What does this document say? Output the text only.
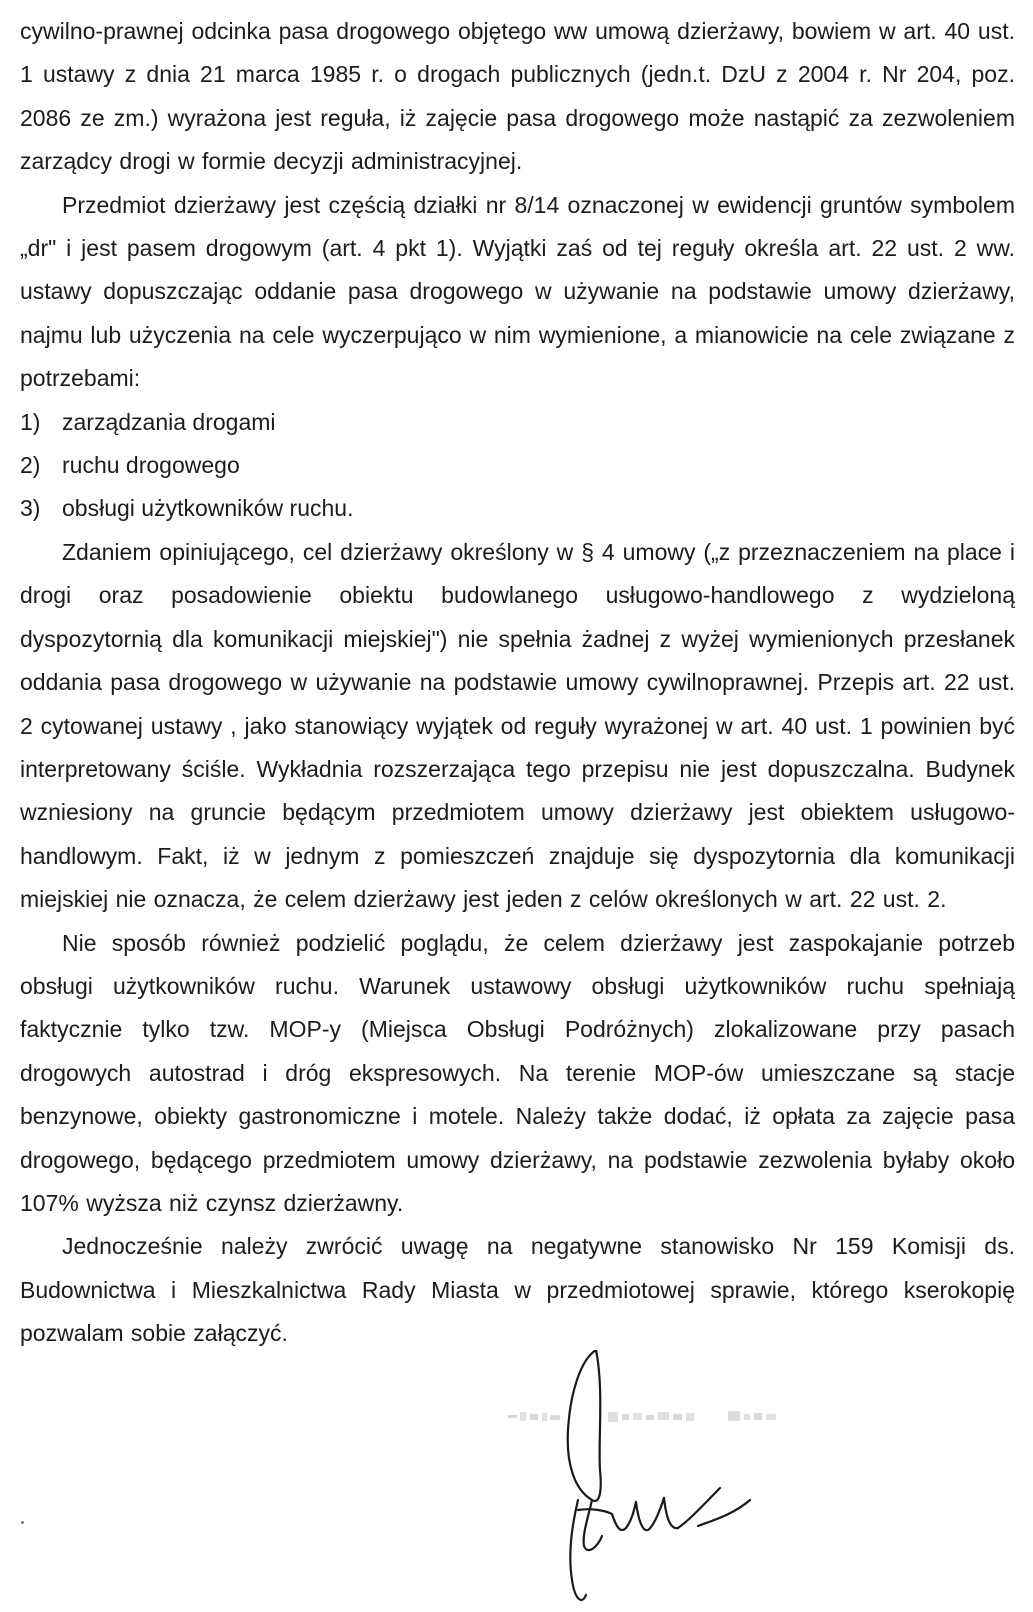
cywilno-prawnej odcinka pasa drogowego objętego ww umową dzierżawy, bowiem w art. 40 ust. 1 ustawy z dnia 21 marca 1985 r. o drogach publicznych (jedn.t. DzU z 2004 r. Nr 204, poz. 2086 ze zm.) wyrażona jest reguła, iż zajęcie pasa drogowego może nastąpić za zezwoleniem zarządcy drogi w formie decyzji administracyjnej.

Przedmiot dzierżawy jest częścią działki nr 8/14 oznaczonej w ewidencji gruntów symbolem „dr" i jest pasem drogowym (art. 4 pkt 1). Wyjątki zaś od tej reguły określa art. 22 ust. 2 ww. ustawy dopuszczając oddanie pasa drogowego w używanie na podstawie umowy dzierżawy, najmu lub użyczenia na cele wyczerpująco w nim wymienione, a mianowicie na cele związane z potrzebami:

1) zarządzania drogami
2) ruchu drogowego
3) obsługi użytkowników ruchu.

Zdaniem opiniującego, cel dzierżawy określony w § 4 umowy („z przeznaczeniem na place i drogi oraz posadowienie obiektu budowlanego usługowo-handlowego z wydzieloną dyspozytornią dla komunikacji miejskiej") nie spełnia żadnej z wyżej wymienionych przesłanek oddania pasa drogowego w używanie na podstawie umowy cywilnoprawnej. Przepis art. 22 ust. 2 cytowanej ustawy , jako stanowiący wyjątek od reguły wyrażonej w art. 40 ust. 1 powinien być interpretowany ściśle. Wykładnia rozszerzająca tego przepisu nie jest dopuszczalna. Budynek wzniesiony na gruncie będącym przedmiotem umowy dzierżawy jest obiektem usługowo-handlowym. Fakt, iż w jednym z pomieszczeń znajduje się dyspozytornia dla komunikacji miejskiej nie oznacza, że celem dzierżawy jest jeden z celów określonych w art. 22 ust. 2.

Nie sposób również podzielić poglądu, że celem dzierżawy jest zaspokajanie potrzeb obsługi użytkowników ruchu. Warunek ustawowy obsługi użytkowników ruchu spełniają faktycznie tylko tzw. MOP-y (Miejsca Obsługi Podróżnych) zlokalizowane przy pasach drogowych autostrad i dróg ekspresowych. Na terenie MOP-ów umieszczane są stacje benzynowe, obiekty gastronomiczne i motele. Należy także dodać, iż opłata za zajęcie pasa drogowego, będącego przedmiotem umowy dzierżawy, na podstawie zezwolenia byłaby około 107% wyższa niż czynsz dzierżawny.

Jednocześnie należy zwrócić uwagę na negatywne stanowisko Nr 159 Komisji ds. Budownictwa i Mieszkalnictwa Rady Miasta w przedmiotowej sprawie, którego kserokopię pozwalam sobie załączyć.
